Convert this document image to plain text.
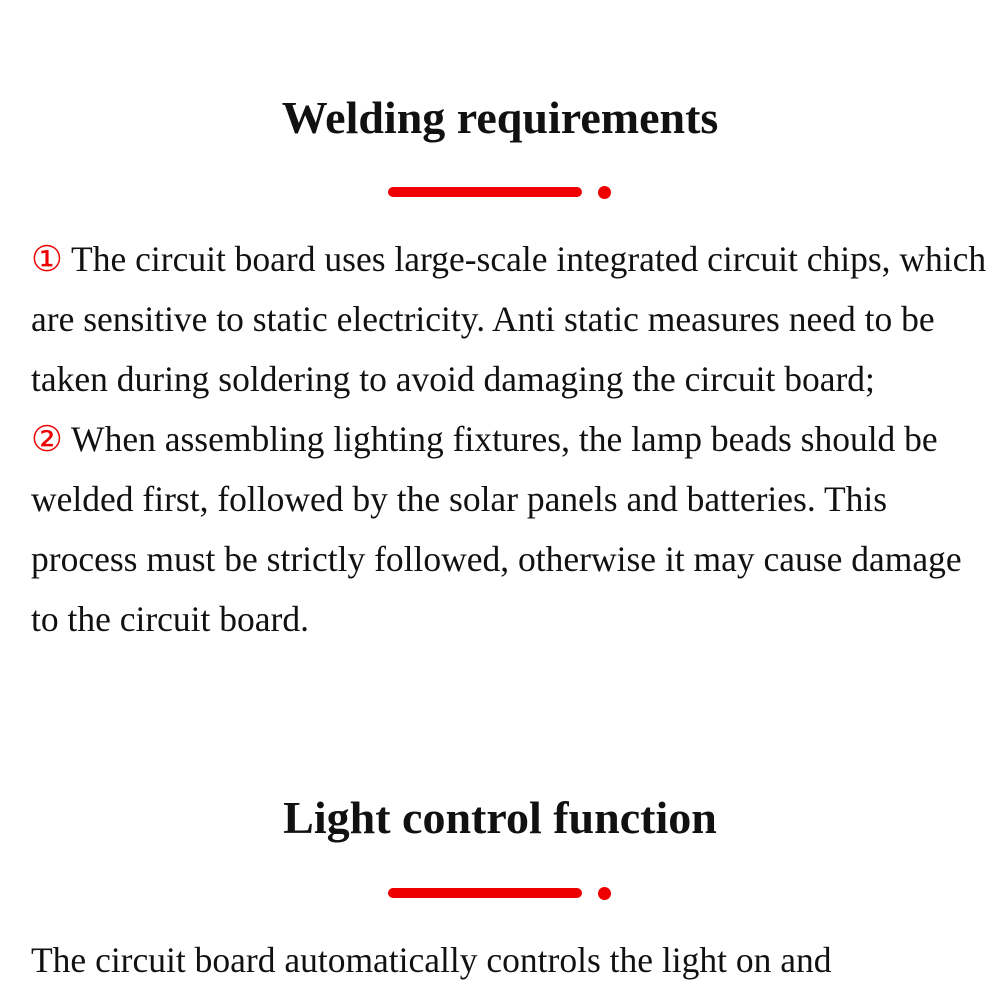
Welding requirements

① The circuit board uses large-scale integrated circuit chips, which are sensitive to static electricity. Anti static measures need to be taken during soldering to avoid damaging the circuit board;

② When assembling lighting fixtures, the lamp beads should be welded first, followed by the solar panels and batteries. This process must be strictly followed, otherwise it may cause damage to the circuit board.

Light control function

The circuit board automatically controls the light on and
